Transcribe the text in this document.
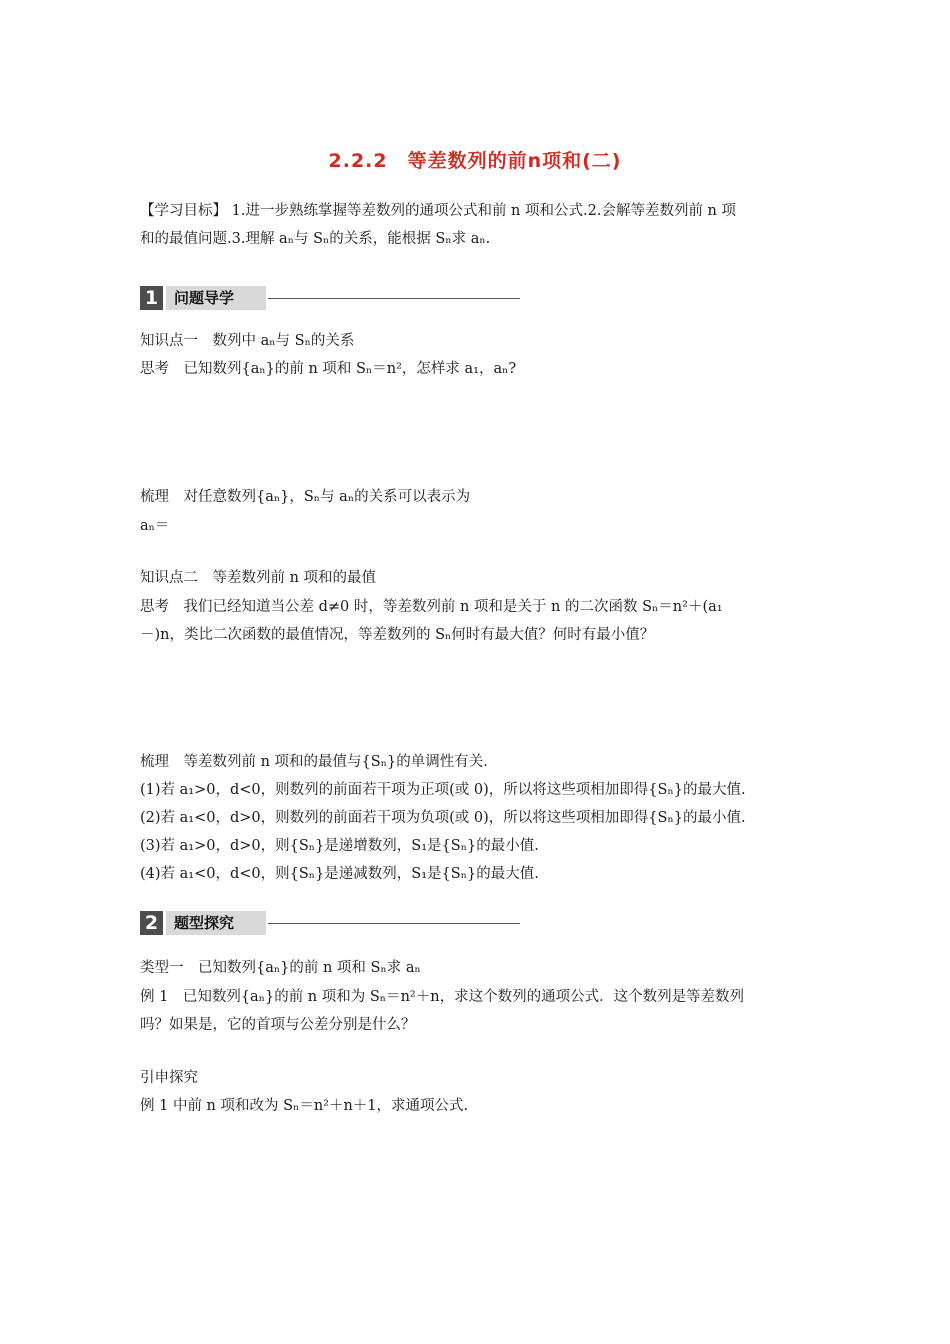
2.2.2　等差数列的前n项和(二)
【学习目标】 1.进一步熟练掌握等差数列的通项公式和前 n 项和公式.2.会解等差数列前 n 项
和的最值问题.3.理解 aₙ与 Sₙ的关系，能根据 Sₙ求 aₙ.
1	问题导学
知识点一　数列中 aₙ与 Sₙ的关系
思考　已知数列{aₙ}的前 n 项和 Sₙ＝n²，怎样求 a₁，aₙ?
梳理　对任意数列{aₙ}，Sₙ与 aₙ的关系可以表示为
aₙ＝
知识点二　等差数列前 n 项和的最值
思考　我们已经知道当公差 d≠0 时，等差数列前 n 项和是关于 n 的二次函数 Sₙ＝n²＋(a₁
－)n，类比二次函数的最值情况，等差数列的 Sₙ何时有最大值？何时有最小值？
梳理　等差数列前 n 项和的最值与{Sₙ}的单调性有关.
(1)若 a₁>0，d<0，则数列的前面若干项为正项(或 0)，所以将这些项相加即得{Sₙ}的最大值.
(2)若 a₁<0，d>0，则数列的前面若干项为负项(或 0)，所以将这些项相加即得{Sₙ}的最小值.
(3)若 a₁>0，d>0，则{Sₙ}是递增数列，S₁是{Sₙ}的最小值.
(4)若 a₁<0，d<0，则{Sₙ}是递减数列，S₁是{Sₙ}的最大值.
2	题型探究
类型一　已知数列{aₙ}的前 n 项和 Sₙ求 aₙ
例 1　已知数列{aₙ}的前 n 项和为 Sₙ＝n²＋n，求这个数列的通项公式．这个数列是等差数列
吗？如果是，它的首项与公差分别是什么？
引申探究
例 1 中前 n 项和改为 Sₙ＝n²＋n＋1，求通项公式.
